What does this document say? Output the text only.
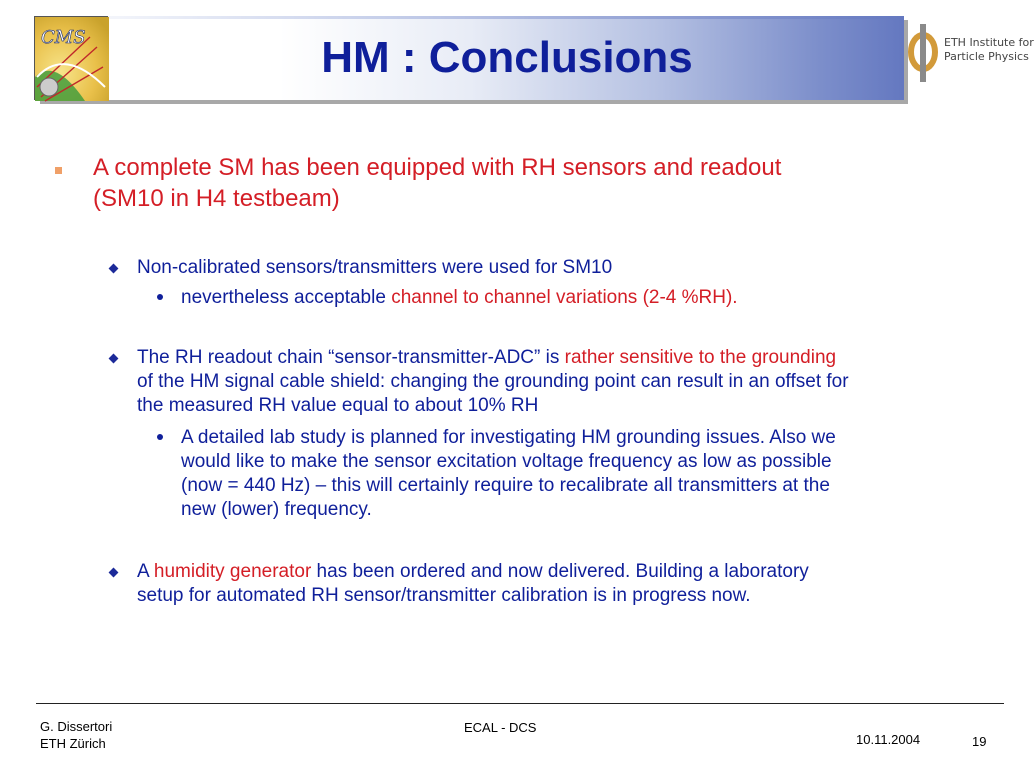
HM : Conclusions
CMS	ETH Institute for
Particle Physics
A complete SM has been equipped with RH sensors and readout
(SM10 in H4 testbeam)
Non-calibrated sensors/transmitters were used for SM10
nevertheless acceptable channel to channel variations (2-4 %RH).
The RH readout chain “sensor-transmitter-ADC” is rather sensitive to the grounding
of the HM signal cable shield: changing the grounding point can result in an offset for
the measured RH value equal to about 10% RH
A detailed lab study is planned for investigating HM grounding issues. Also we
would like to make the sensor excitation voltage frequency as low as possible
(now = 440 Hz) – this will certainly require to recalibrate all transmitters at the
new (lower) frequency.
A humidity generator has been ordered and now delivered. Building a laboratory
setup for automated RH sensor/transmitter calibration is in progress now.
G. Dissertori
ETH Zürich
ECAL - DCS
10.11.2004	19
